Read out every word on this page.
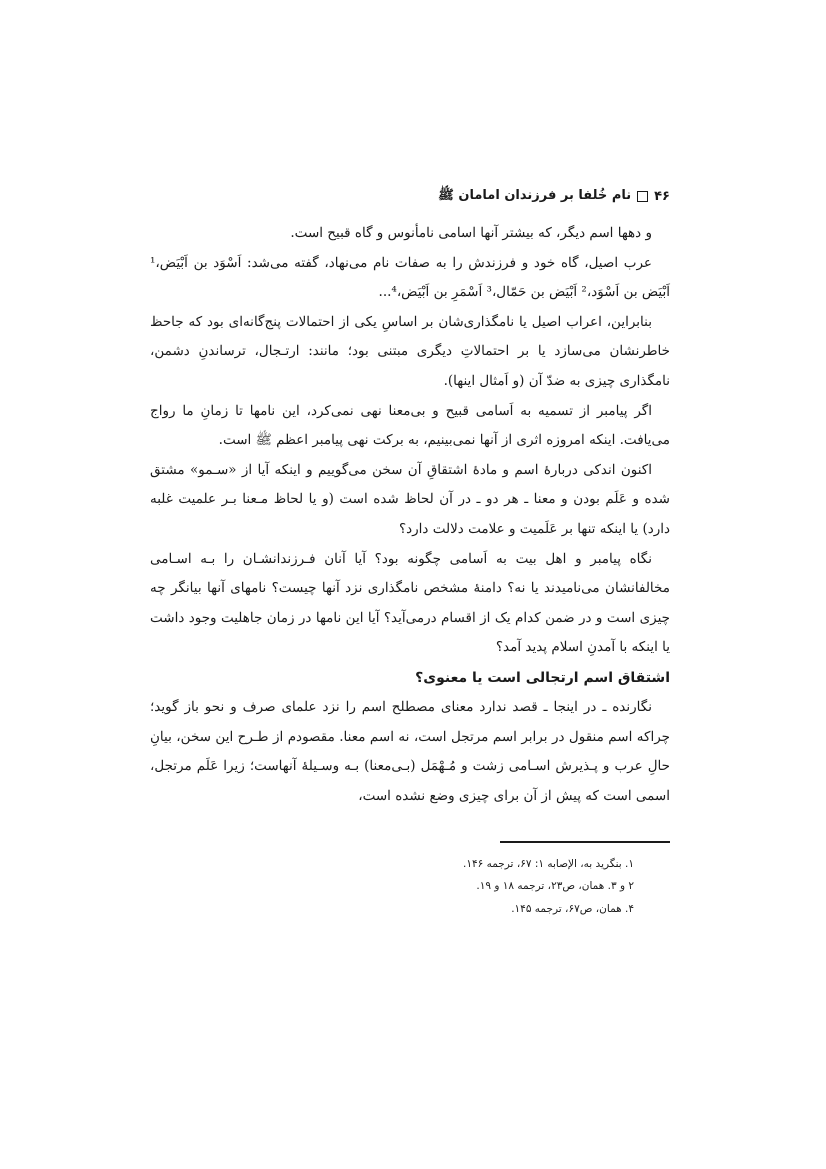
۴۶
نام خُلفا بر فرزندان امامان ﷺ

و دهها اسم دیگر، که بیشتر آنها اسامی نامأنوس و گاه قبیح است.

عرب اصیل، گاه خود و فرزندش را به صفات نام می‌نهاد، گفته می‌شد: اَسْوَد بن اَبْیَض،¹ اَبْیَض بن اَسْوَد،² اَبْیَض بن حَمّال،³ اَسْمَرِ بن اَبْیَض،⁴...

بنابراین، اعراب اصیل یا نامگذاری‌شان بر اساسِ یکی از احتمالات پنج‌گانه‌ای بود که جاحظ خاطرنشان می‌سازد یا بر احتمالاتِ دیگری مبتنی بود؛ مانند: ارتـجال، ترساندنِ دشمن، نامگذاری چیزی به ضدّ آن (و اَمثال اینها).

اگر پیامبر از تسمیه به اَسامی قبیح و بی‌معنا نهی نمی‌کرد، این نامها تا زمانِ ما رواج می‌یافت. اینکه امروزه اثری از آنها نمی‌بینیم، به برکت نهی پیامبر اعظم ﷺ است.

اکنون اندکی دربارهٔ اسم و مادهٔ اشتقاقِ آن سخن می‌گوییم و اینکه آیا از «سـمو» مشتق شده و عَلَم بودن و معنا ـ هر دو ـ در آن لحاظ شده است (و یا لحاظ مـعنا بـر علمیت غلبه دارد) یا اینکه تنها بر عَلَمیت و علامت دلالت دارد؟

نگاه پیامبر و اهل بیت به اَسامی چگونه بود؟ آیا آنان فـرزندانشـان را بـه اسـامی مخالفانشان می‌نامیدند یا نه؟ دامنهٔ مشخص نامگذاری نزد آنها چیست؟ نامهای آنها بیانگر چه چیزی است و در ضمن کدام یک از اقسام درمی‌آید؟ آیا این نامها در زمان جاهلیت وجود داشت یا اینکه با آمدنِ اسلام پدید آمد؟

اشتقاق اسم ارتجالی است یا معنوی؟

نگارنده ـ در اینجا ـ قصد ندارد معنای مصطلح اسم را نزد علمای صرف و نحو باز گوید؛ چراکه اسم منقول در برابر اسم مرتجل است، نه اسم معنا. مقصودم از طـرح این سخن، بیانِ حالِ عرب و پـذیرش اسـامی زشت و مُـهْمَل (بـی‌معنا) بـه وسـیلهٔ آنهاست؛ زیرا عَلَم مرتجل، اسمی است که پیش از آن برای چیزی وضع نشده است،

۱. بنگرید به، الإصابه ۱: ۶۷، ترجمه ۱۴۶.
۲ و ۳. همان، ص۲۳، ترجمه ۱۸ و ۱۹.
۴. همان، ص۶۷، ترجمه ۱۴۵.
